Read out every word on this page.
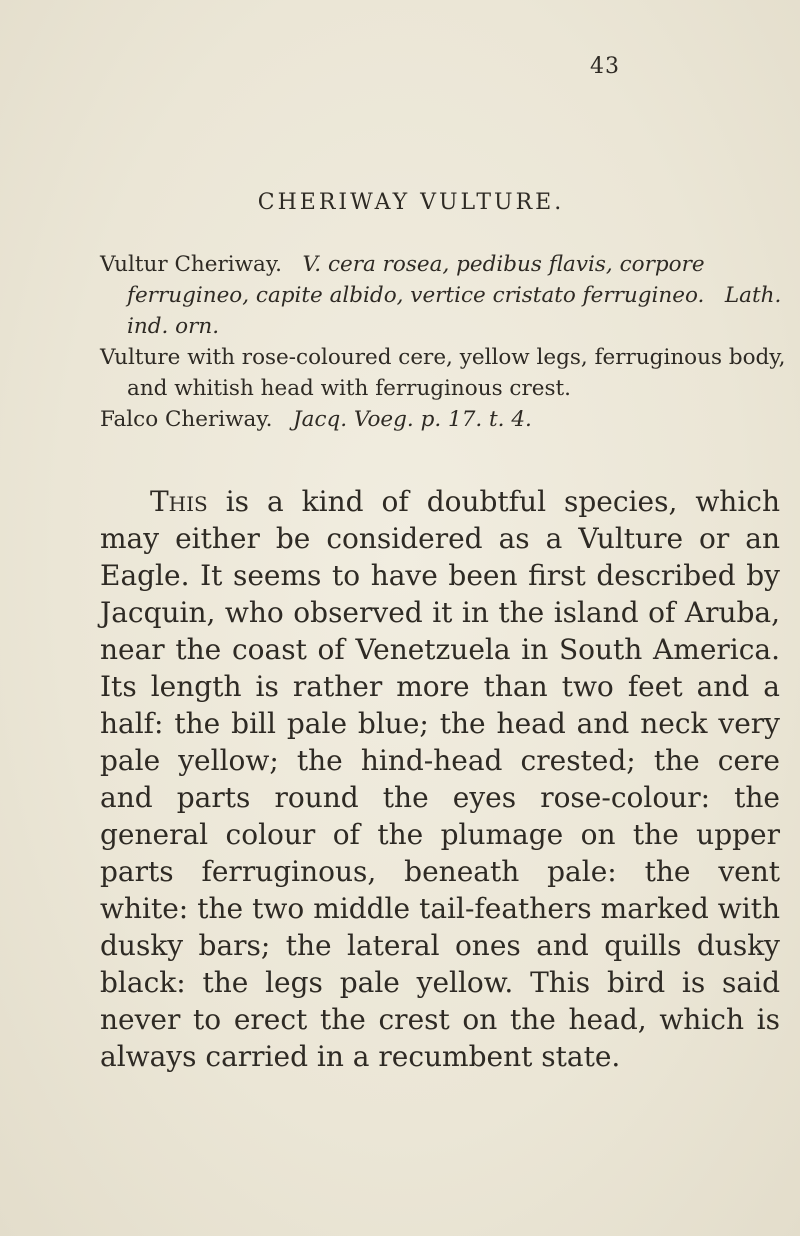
43
CHERIWAY VULTURE.
Vultur Cheriway. V. cera rosea, pedibus flavis, corpore ferrugineo, capite albido, vertice cristato ferrugineo. Lath. ind. orn.
Vulture with rose-coloured cere, yellow legs, ferruginous body, and whitish head with ferruginous crest.
Falco Cheriway. Jacq. Voeg. p. 17. t. 4.
This is a kind of doubtful species, which may either be considered as a Vulture or an Eagle. It seems to have been first described by Jacquin, who observed it in the island of Aruba, near the coast of Venetzuela in South America. Its length is rather more than two feet and a half: the bill pale blue; the head and neck very pale yellow; the hind-head crested; the cere and parts round the eyes rose-colour: the general colour of the plumage on the upper parts ferruginous, beneath pale: the vent white: the two middle tail-feathers marked with dusky bars; the lateral ones and quills dusky black: the legs pale yellow. This bird is said never to erect the crest on the head, which is always carried in a recumbent state.
